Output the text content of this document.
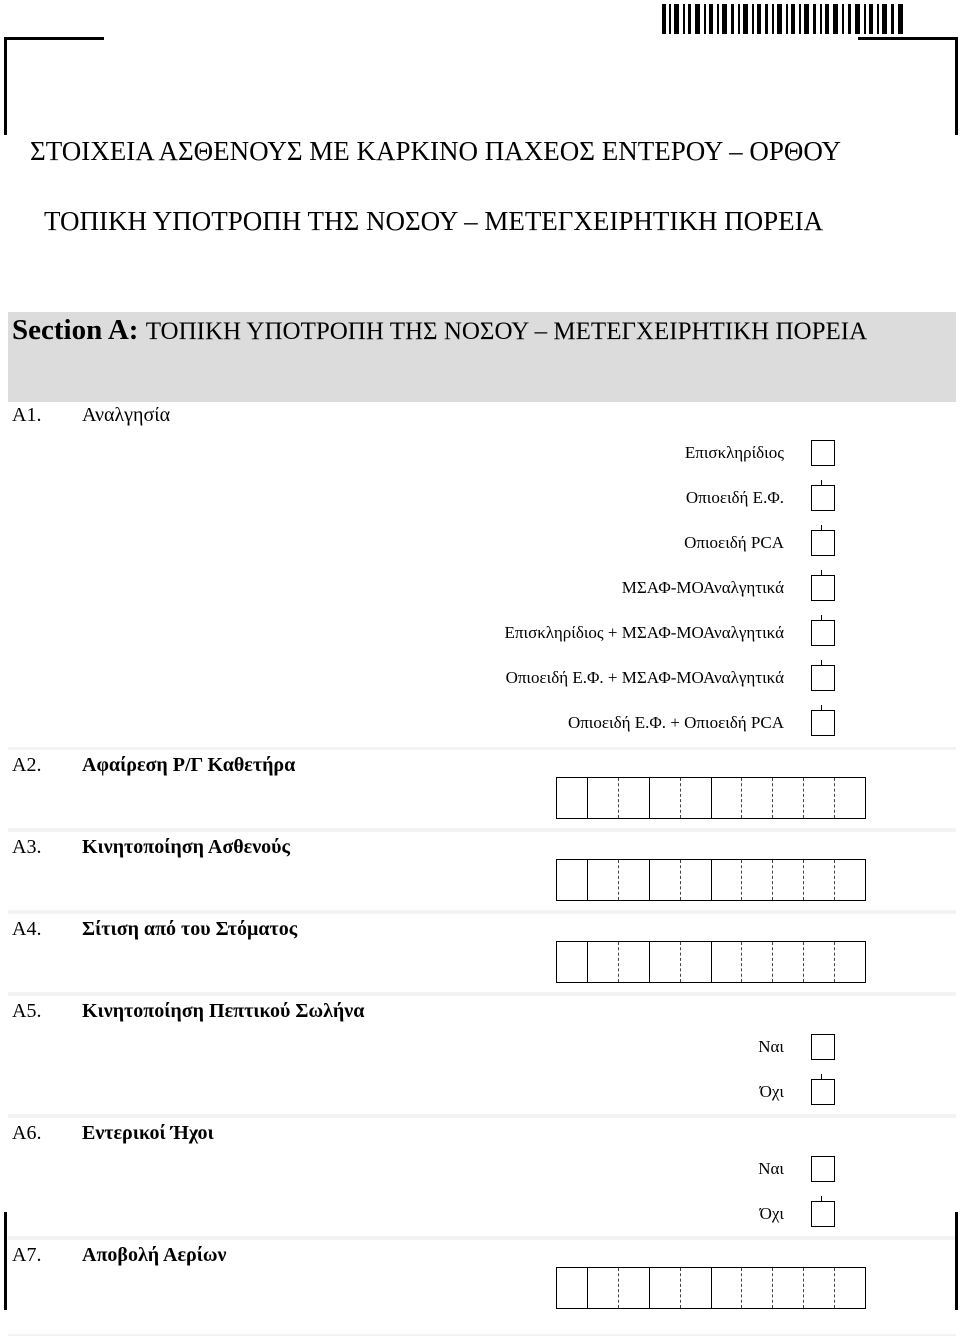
ΣΤΟΙΧΕΙΑ ΑΣΘΕΝΟΥΣ ΜΕ ΚΑΡΚΙΝΟ ΠΑΧΕΟΣ ΕΝΤΕΡΟΥ – ΟΡΘΟΥ
ΤΟΠΙΚΗ ΥΠΟΤΡΟΠΗ ΤΗΣ ΝΟΣΟΥ – ΜΕΤΕΓΧΕΙΡΗΤΙΚΗ ΠΟΡΕΙΑ
Section A: ΤΟΠΙΚΗ ΥΠΟΤΡΟΠΗ ΤΗΣ ΝΟΣΟΥ – ΜΕΤΕΓΧΕΙΡΗΤΙΚΗ ΠΟΡΕΙΑ
Α1. Αναλγησία
Επισκληρίδιος
Οπιοειδή Ε.Φ.
Οπιοειδή PCA
ΜΣΑΦ-ΜΟΑναλγητικά
Επισκληρίδιος + ΜΣΑΦ-ΜΟΑναλγητικά
Οπιοειδή Ε.Φ. + ΜΣΑΦ-ΜΟΑναλγητικά
Οπιοειδή Ε.Φ. + Οπιοειδή PCA
Α2. Αφαίρεση Ρ/Γ Καθετήρα
Α3. Κινητοποίηση Ασθενούς
Α4. Σίτιση από του Στόματος
Α5. Κινητοποίηση Πεπτικού Σωλήνα
Ναι
Όχι
Α6. Εντερικοί Ήχοι
Ναι
Όχι
Α7. Αποβολή Αερίων
